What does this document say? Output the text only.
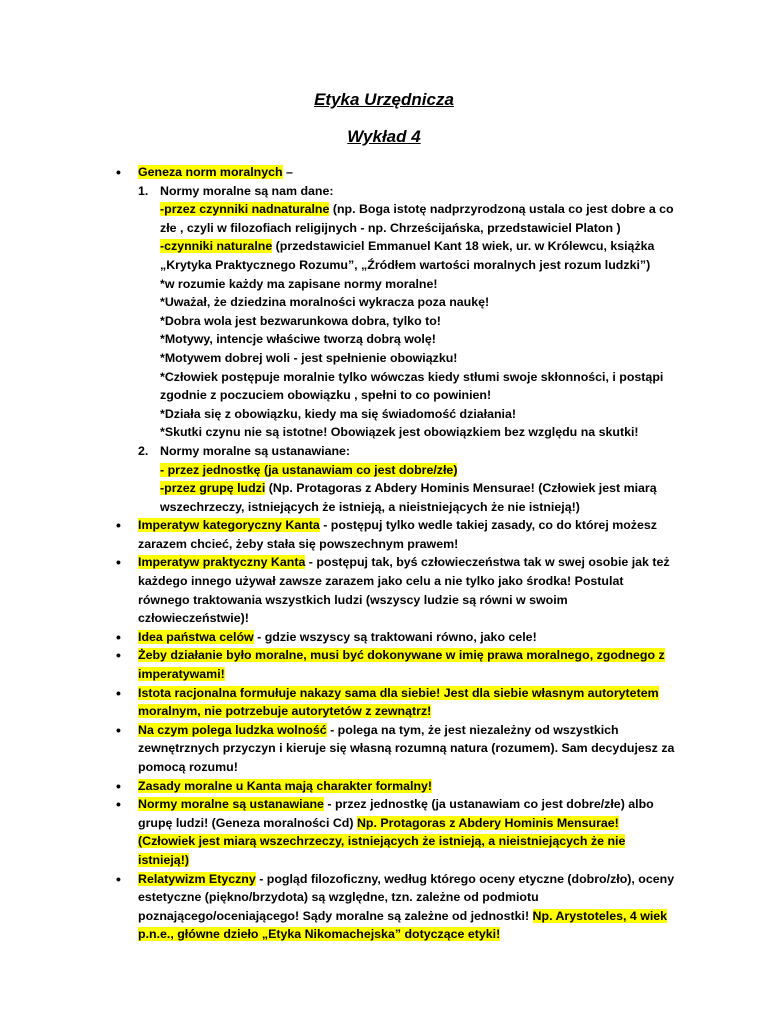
Etyka Urzędnicza
Wykład 4
• Geneza norm moralnych –
1. Normy moralne są nam dane:
-przez czynniki nadnaturalne (np. Boga istotę nadprzyrodzoną ustala co jest dobre a co złe , czyli w filozofiach religijnych - np. Chrześcijańska, przedstawiciel Platon )
-czynniki naturalne (przedstawiciel Emmanuel Kant 18 wiek, ur. w Królewcu, książka „Krytyka Praktycznego Rozumu”, „Źródłem wartości moralnych jest rozum ludzki”)
*w rozumie każdy ma zapisane normy moralne!
*Uważał, że dziedzina moralności wykracza poza naukę!
*Dobra wola jest bezwarunkowa dobra, tylko to!
*Motywy, intencje właściwe tworzą dobrą wolę!
*Motywem dobrej woli - jest spełnienie obowiązku!
*Człowiek postępuje moralnie tylko wówczas kiedy stłumi swoje skłonności, i postąpi zgodnie z poczuciem obowiązku , spełni to co powinien!
*Działa się z obowiązku, kiedy ma się świadomość działania!
*Skutki czynu nie są istotne! Obowiązek jest obowiązkiem bez względu na skutki!
2. Normy moralne są ustanawiane:
- przez jednostkę (ja ustanawiam co jest dobre/złe)
-przez grupę ludzi (Np. Protagoras z Abdery Hominis Mensurae! (Człowiek jest miarą wszechrzeczy, istniejących że istnieją, a nieistniejących że nie istnieją!)
• Imperatyw kategoryczny Kanta - postępuj tylko wedle takiej zasady, co do której możesz zarazem chcieć, żeby stała się powszechnym prawem!
• Imperatyw praktyczny Kanta - postępuj tak, byś człowieczeństwa tak w swej osobie jak też każdego innego używał zawsze zarazem jako celu a nie tylko jako środka! Postulat równego traktowania wszystkich ludzi (wszyscy ludzie są równi w swoim człowieczeństwie)!
• Idea państwa celów - gdzie wszyscy są traktowani równo, jako cele!
• Żeby działanie było moralne, musi być dokonywane w imię prawa moralnego, zgodnego z imperatywami!
• Istota racjonalna formułuje nakazy sama dla siebie! Jest dla siebie własnym autorytetem moralnym, nie potrzebuje autorytetów z zewnątrz!
• Na czym polega ludzka wolność - polega na tym, że jest niezależny od wszystkich zewnętrznych przyczyn i kieruje się własną rozumną natura (rozumem). Sam decydujesz za pomocą rozumu!
• Zasady moralne u Kanta mają charakter formalny!
• Normy moralne są ustanawiane - przez jednostkę (ja ustanawiam co jest dobre/złe) albo grupę ludzi! (Geneza moralności Cd) Np. Protagoras z Abdery Hominis Mensurae! (Człowiek jest miarą wszechrzeczy, istniejących że istnieją, a nieistniejących że nie istnieją!)
• Relatywizm Etyczny - pogląd filozoficzny, według którego oceny etyczne (dobro/zło), oceny estetyczne (piękno/brzydota) są względne, tzn. zależne od podmiotu poznającego/oceniającego! Sądy moralne są zależne od jednostki! Np. Arystoteles, 4 wiek p.n.e., główne dzieło „Etyka Nikomachejska” dotyczące etyki!
